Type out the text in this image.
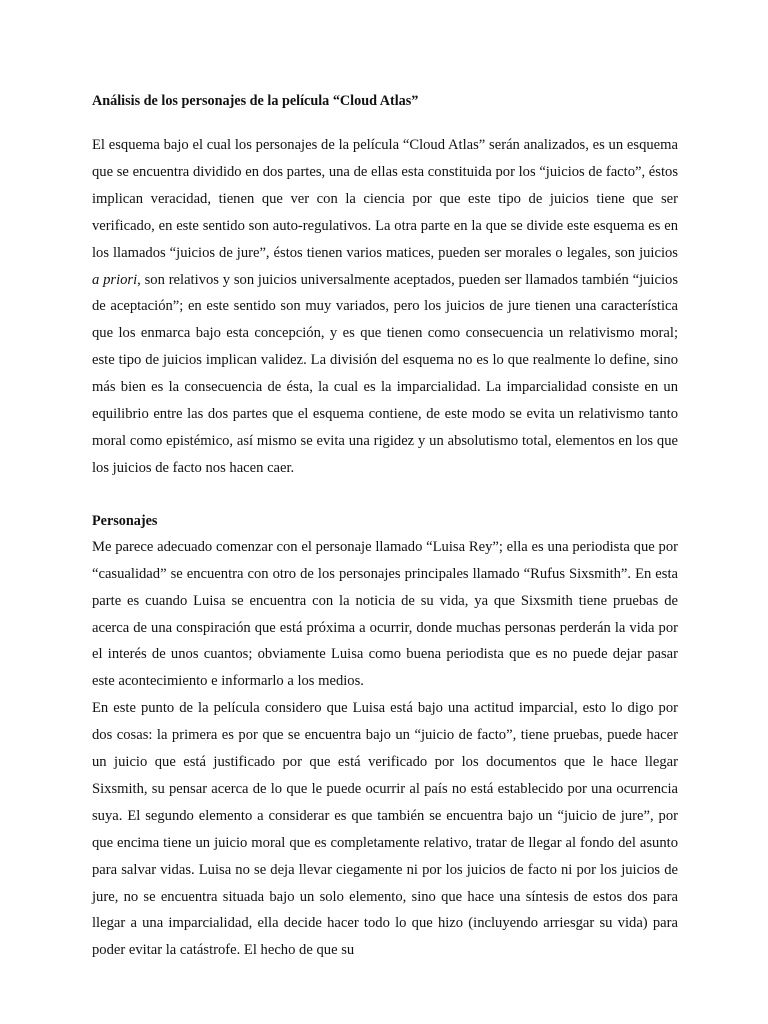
Análisis de los personajes de la película “Cloud Atlas”

El esquema bajo el cual los personajes de la película “Cloud Atlas” serán analizados, es un esquema que se encuentra dividido en dos partes, una de ellas esta constituida por los “juicios de facto”, éstos implican veracidad, tienen que ver con la ciencia por que este tipo de juicios tiene que ser verificado, en este sentido son auto-regulativos. La otra parte en la que se divide este esquema es en los llamados “juicios de jure”, éstos tienen varios matices, pueden ser morales o legales, son juicios  a priori, son relativos y son juicios universalmente aceptados, pueden ser llamados también “juicios de aceptación”; en este sentido son muy variados, pero los juicios de jure tienen una característica que los enmarca bajo esta concepción, y es que tienen como consecuencia un relativismo moral; este tipo de juicios implican validez. La división del esquema no es lo que realmente lo define, sino más bien es la consecuencia de ésta, la cual es la imparcialidad. La imparcialidad consiste en un equilibrio entre las dos partes que el esquema contiene, de este modo se evita un relativismo tanto moral como epistémico, así mismo se evita una rigidez y un absolutismo total, elementos en los que los juicios de facto nos hacen caer.

Personajes

Me parece adecuado comenzar con el personaje llamado “Luisa Rey”; ella es una periodista que por “casualidad” se encuentra con otro de los personajes principales llamado “Rufus Sixsmith”. En esta parte es cuando Luisa se encuentra con la noticia de su vida, ya que Sixsmith tiene pruebas de acerca de una conspiración que está próxima a ocurrir, donde muchas personas perderán la vida por el interés de unos cuantos; obviamente Luisa como buena periodista que es no puede dejar pasar este acontecimiento e informarlo a los medios.

En este punto de la película considero que Luisa está bajo una actitud imparcial, esto lo digo por dos cosas: la primera es por que se encuentra bajo un “juicio de facto”, tiene pruebas, puede hacer un juicio que está justificado por que está verificado por los documentos que le hace llegar Sixsmith, su pensar acerca de lo que le puede ocurrir al país no está establecido por una ocurrencia suya. El segundo elemento a considerar es que también se encuentra bajo un “juicio de jure”, por que encima tiene un juicio moral que es completamente relativo, tratar de llegar al fondo del asunto para salvar vidas. Luisa no se deja llevar ciegamente ni por los juicios de facto ni por los juicios de jure, no se encuentra situada bajo un solo elemento, sino que hace una síntesis de estos dos para llegar a una imparcialidad, ella decide hacer todo lo que hizo (incluyendo arriesgar su vida) para poder evitar la catástrofe. El hecho de que su
